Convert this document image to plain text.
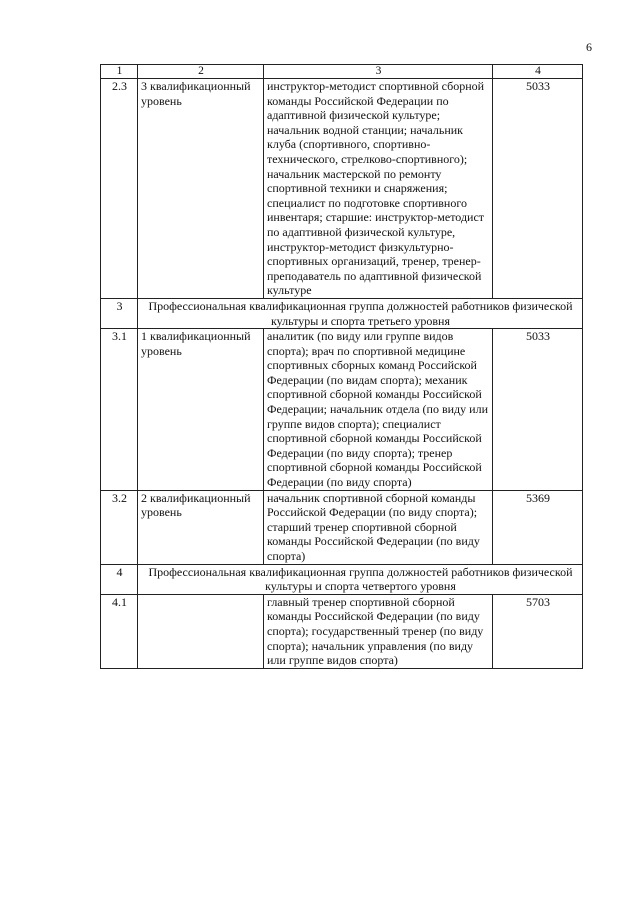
6
1	2	3	4
2.3	3 квалификационный уровень	инструктор-методист спортивной сборной команды Российской Федерации по адаптивной физической культуре; начальник водной станции; начальник клуба (спортивного, спортивно-технического, стрелково-спортивного); начальник мастерской по ремонту спортивной техники и снаряжения; специалист по подготовке спортивного инвентаря; старшие: инструктор-методист по адаптивной физической культуре, инструктор-методист физкультурно-спортивных организаций, тренер, тренер-преподаватель по адаптивной физической культуре	5033
3	Профессиональная квалификационная группа должностей работников физической культуры и спорта третьего уровня		
3.1	1 квалификационный уровень	аналитик (по виду или группе видов спорта); врач по спортивной медицине спортивных сборных команд Российской Федерации (по видам спорта); механик спортивной сборной команды Российской Федерации; начальник отдела (по виду или группе видов спорта); специалист спортивной сборной команды Российской Федерации (по виду спорта); тренер спортивной сборной команды Российской Федерации (по виду спорта)	5033
3.2	2 квалификационный уровень	начальник спортивной сборной команды Российской Федерации (по виду спорта); старший тренер спортивной сборной команды Российской Федерации (по виду спорта)	5369
4	Профессиональная квалификационная группа должностей работников физической культуры и спорта четвертого уровня		
4.1		главный тренер спортивной сборной команды Российской Федерации (по виду спорта); государственный тренер (по виду спорта); начальник управления (по виду или группе видов спорта)	5703
